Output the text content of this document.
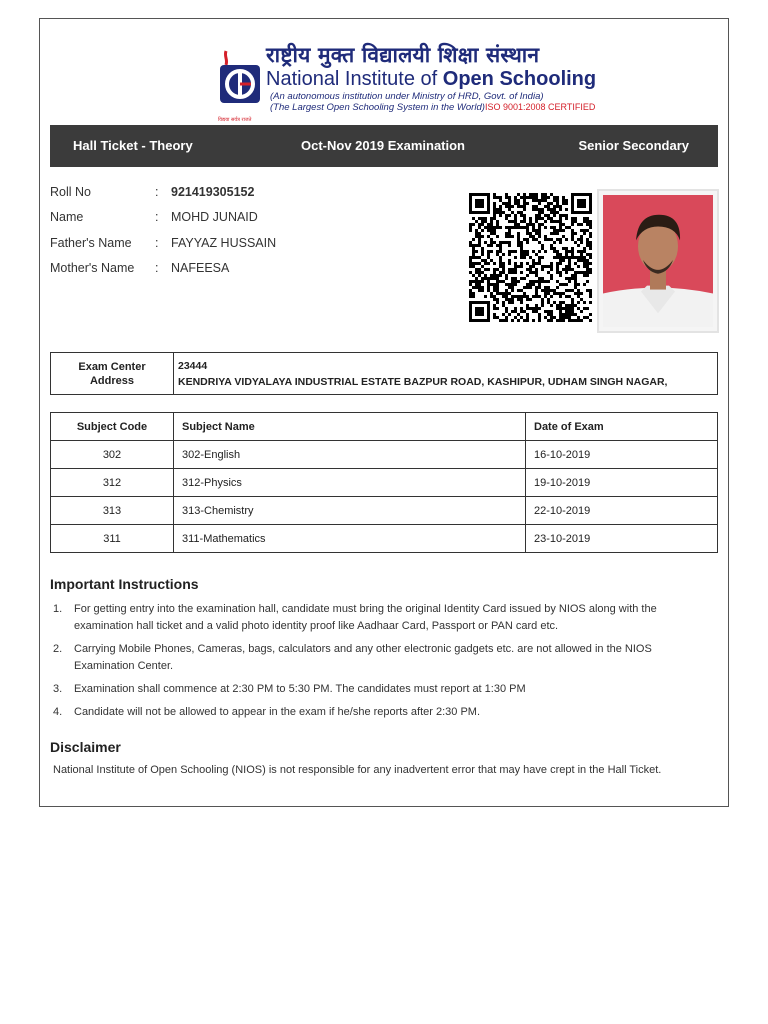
राष्ट्रीय मुक्त विद्यालयी शिक्षा संस्थान
National Institute of Open Schooling
(An autonomous institution under Ministry of HRD, Govt. of India)
(The Largest Open Schooling System in the World) ISO 9001:2008 CERTIFIED
विद्यया सर्वत्र राजते
Hall Ticket - Theory	Oct-Nov 2019 Examination	Senior Secondary
Roll No	: 921419305152
Name	: MOHD JUNAID
Father's Name : FAYYAZ HUSSAIN
Mother's Name : NAFEESA
Exam Center
Address
23444
KENDRIYA VIDYALAYA INDUSTRIAL ESTATE BAZPUR ROAD, KASHIPUR, UDHAM SINGH NAGAR,
Subject Code	Subject Name	Date of Exam
302	302-English	16-10-2019
312	312-Physics	19-10-2019
313	313-Chemistry	22-10-2019
311	311-Mathematics	23-10-2019
Important Instructions
1. For getting entry into the examination hall, candidate must bring the original Identity Card issued by NIOS along with the examination hall ticket and a valid photo identity proof like Aadhaar Card, Passport or PAN card etc.
2. Carrying Mobile Phones, Cameras, bags, calculators and any other electronic gadgets etc. are not allowed in the NIOS Examination Center.
3. Examination shall commence at 2:30 PM to 5:30 PM. The candidates must report at 1:30 PM
4. Candidate will not be allowed to appear in the exam if he/she reports after 2:30 PM.
Disclaimer
National Institute of Open Schooling (NIOS) is not responsible for any inadvertent error that may have crept in the Hall Ticket.
